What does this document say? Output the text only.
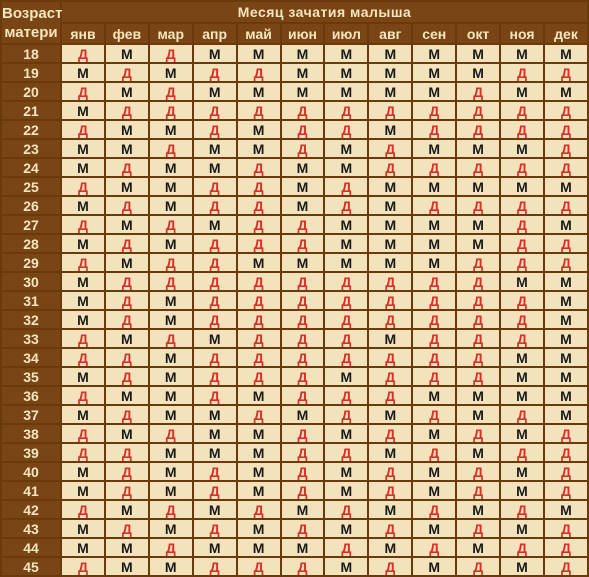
Возраст
матери	Месяц зачатия малыша											
	янв	фев	мар	апр	май	июн	июл	авг	сен	окт	ноя	дек
18	Д	М	Д	М	М	М	М	М	М	М	М	М
19	М	Д	М	Д	Д	М	М	М	М	М	Д	Д
20	Д	М	Д	М	М	М	М	М	М	Д	М	М
21	М	Д	Д	Д	Д	Д	Д	Д	Д	Д	Д	Д
22	Д	М	М	Д	М	Д	Д	М	Д	Д	Д	Д
23	М	М	Д	М	М	Д	М	Д	М	М	М	Д
24	М	Д	М	М	Д	М	М	Д	Д	Д	Д	Д
25	Д	М	М	Д	Д	М	Д	М	М	М	М	М
26	М	Д	М	Д	Д	М	Д	М	Д	Д	Д	Д
27	Д	М	Д	М	Д	Д	М	М	М	М	Д	М
28	М	Д	М	Д	Д	Д	М	М	М	М	Д	Д
29	Д	М	Д	Д	М	М	М	М	М	Д	Д	Д
30	М	Д	Д	Д	Д	Д	Д	Д	Д	Д	М	М
31	М	Д	М	Д	Д	Д	Д	Д	Д	Д	Д	М
32	М	Д	М	Д	Д	Д	Д	Д	Д	Д	Д	М
33	Д	М	Д	М	Д	Д	Д	М	Д	Д	Д	М
34	Д	Д	М	Д	Д	Д	Д	Д	Д	Д	М	М
35	М	Д	М	Д	Д	Д	М	Д	Д	Д	М	М
36	Д	М	М	Д	М	Д	Д	Д	М	М	М	М
37	М	Д	М	М	Д	М	Д	М	Д	М	Д	М
38	Д	М	Д	М	М	Д	М	Д	М	Д	М	Д
39	Д	Д	М	М	М	Д	Д	М	Д	М	Д	Д
40	М	Д	М	Д	М	Д	М	Д	М	Д	М	Д
41	М	Д	М	Д	М	Д	М	Д	М	Д	М	Д
42	Д	М	Д	М	Д	М	Д	М	Д	М	Д	М
43	М	Д	М	Д	М	Д	М	Д	М	Д	М	Д
44	М	М	Д	М	М	М	Д	М	Д	М	Д	Д
45	Д	М	М	Д	Д	Д	М	Д	М	Д	М	Д
